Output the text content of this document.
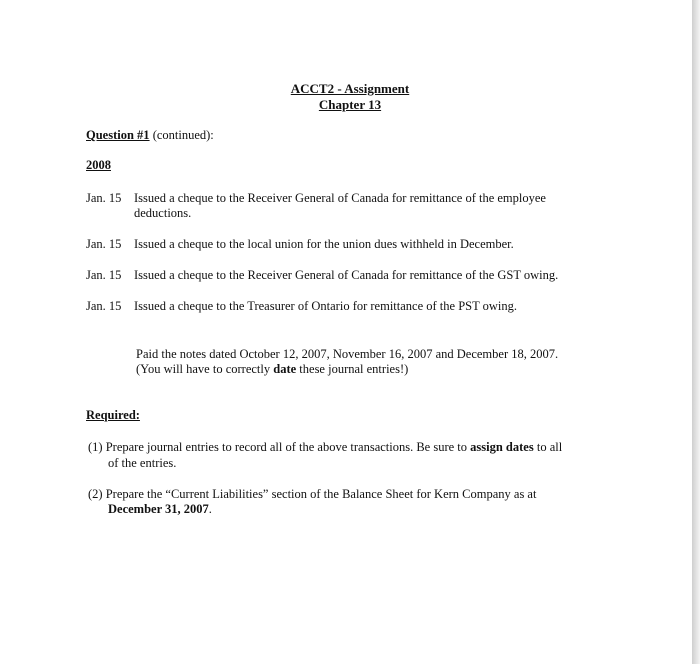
ACCT2 - Assignment
Chapter 13
Question #1 (continued):
2008
Jan. 15 Issued a cheque to the Receiver General of Canada for remittance of the employee
deductions.
Jan. 15 Issued a cheque to the local union for the union dues withheld in December.
Jan. 15 Issued a cheque to the Receiver General of Canada for remittance of the GST owing.
Jan. 15 Issued a cheque to the Treasurer of Ontario for remittance of the PST owing.
Paid the notes dated October 12, 2007, November 16, 2007 and December 18, 2007.
(You will have to correctly date these journal entries!)
Required:
(1) Prepare journal entries to record all of the above transactions. Be sure to assign dates to all
of the entries.
(2) Prepare the “Current Liabilities” section of the Balance Sheet for Kern Company as at
December 31, 2007.
